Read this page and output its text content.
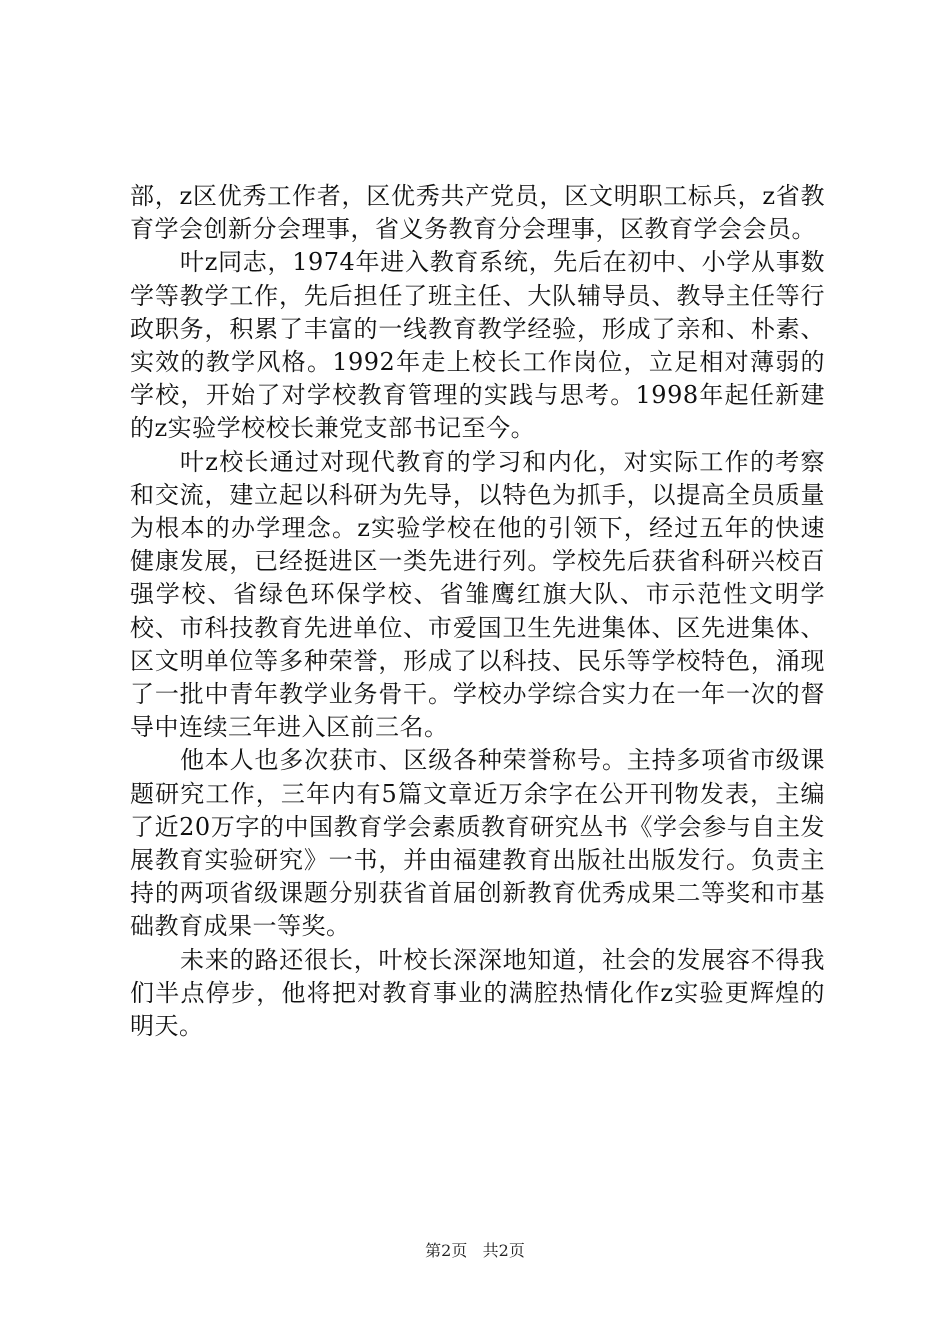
部，z区优秀工作者，区优秀共产党员，区文明职工标兵，z省教育学会创新分会理事，省义务教育分会理事，区教育学会会员。

叶z同志，1974年进入教育系统，先后在初中、小学从事数学等教学工作，先后担任了班主任、大队辅导员、教导主任等行政职务，积累了丰富的一线教育教学经验，形成了亲和、朴素、实效的教学风格。1992年走上校长工作岗位，立足相对薄弱的学校，开始了对学校教育管理的实践与思考。1998年起任新建的z实验学校校长兼党支部书记至今。

叶z校长通过对现代教育的学习和内化，对实际工作的考察和交流，建立起以科研为先导，以特色为抓手，以提高全员质量为根本的办学理念。z实验学校在他的引领下，经过五年的快速健康发展，已经挺进区一类先进行列。学校先后获省科研兴校百强学校、省绿色环保学校、省雏鹰红旗大队、市示范性文明学校、市科技教育先进单位、市爱国卫生先进集体、区先进集体、区文明单位等多种荣誉，形成了以科技、民乐等学校特色，涌现了一批中青年教学业务骨干。学校办学综合实力在一年一次的督导中连续三年进入区前三名。

他本人也多次获市、区级各种荣誉称号。主持多项省市级课题研究工作，三年内有5篇文章近万余字在公开刊物发表，主编了近20万字的中国教育学会素质教育研究丛书《学会参与自主发展教育实验研究》一书，并由福建教育出版社出版发行。负责主持的两项省级课题分别获省首届创新教育优秀成果二等奖和市基础教育成果一等奖。

未来的路还很长，叶校长深深地知道，社会的发展容不得我们半点停步，他将把对教育事业的满腔热情化作z实验更辉煌的明天。

第2页 共2页
